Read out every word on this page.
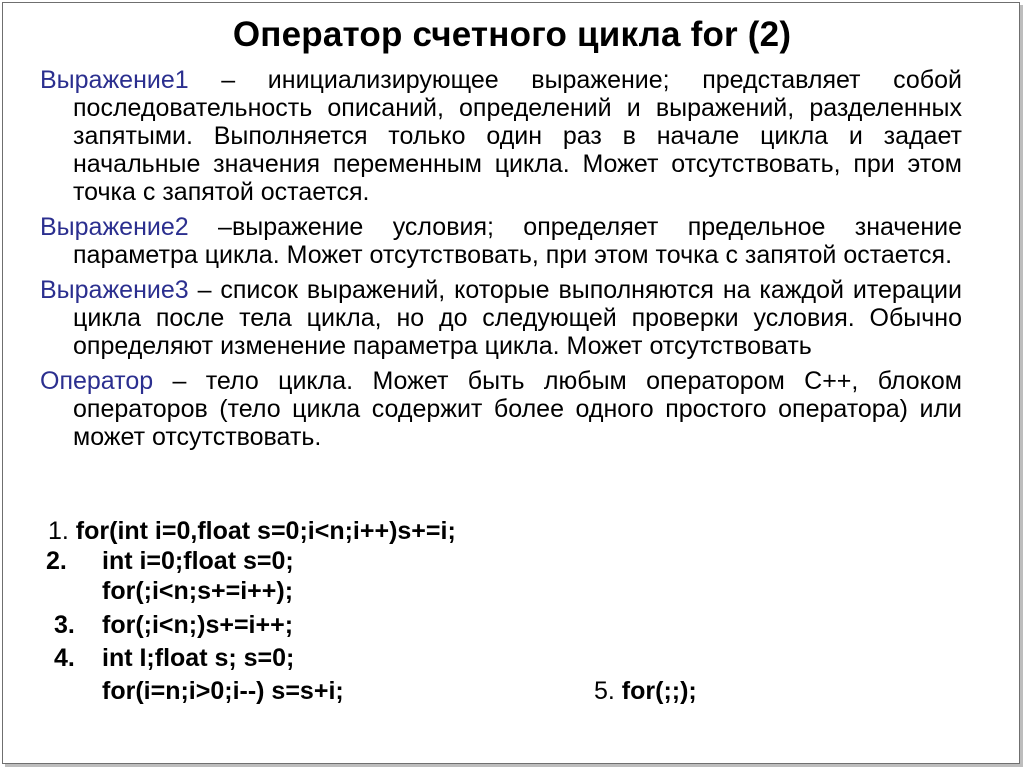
Оператор счетного цикла for (2)

Выражение1 – инициализирующее выражение; представляет собой последовательность описаний, определений и выражений, разделенных запятыми. Выполняется только один раз в начале цикла и задает начальные значения переменным цикла. Может отсутствовать, при этом точка с запятой остается.

Выражение2 –выражение условия; определяет предельное значение параметра цикла. Может отсутствовать, при этом точка с запятой остается.

Выражение3 – список выражений, которые выполняются на каждой итерации цикла после тела цикла, но до следующей проверки условия. Обычно определяют изменение параметра цикла. Может отсутствовать

Оператор – тело цикла. Может быть любым оператором С++, блоком операторов (тело цикла содержит более одного простого оператора) или может отсутствовать.

1. for(int i=0,float s=0;i<n;i++)s+=i;
2. int i=0;float s=0;
for(;i<n;s+=i++);
3. for(;i<n;)s+=i++;
4. int I;float s; s=0;
for(i=n;i>0;i--) s=s+i;	5. for(;;);
